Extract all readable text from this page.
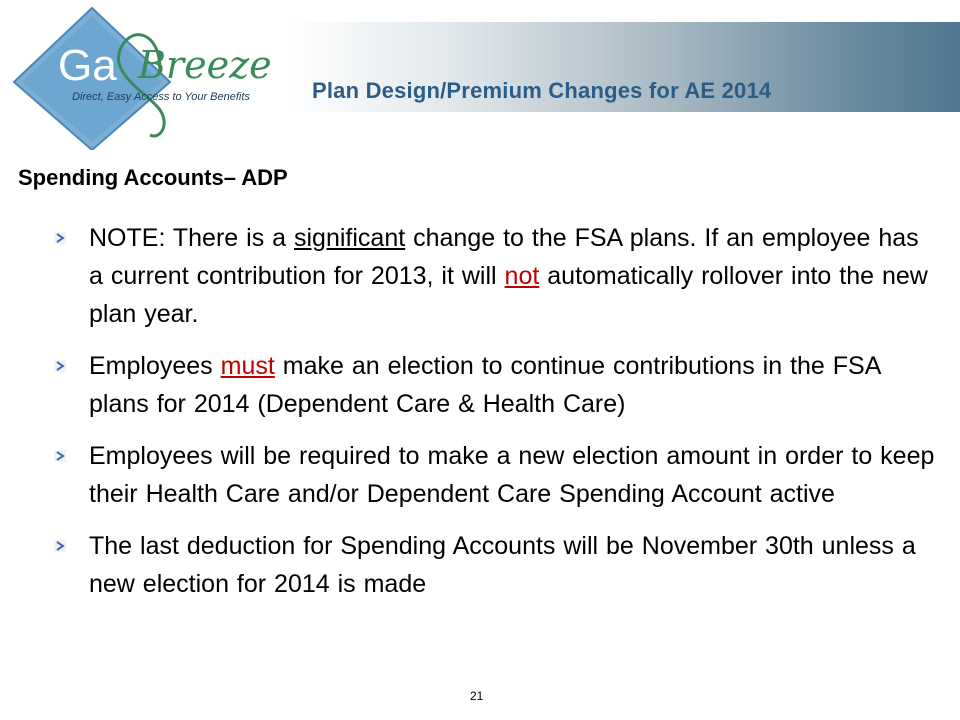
Ga Breeze
Direct, Easy Access to Your Benefits	Plan Design/Premium Changes for AE 2014
Spending Accounts– ADP
NOTE: There is a significant change to the FSA plans. If an employee has a current contribution for 2013, it will not automatically rollover into the new plan year.
Employees must make an election to continue contributions in the FSA plans for 2014 (Dependent Care & Health Care)
Employees will be required to make a new election amount in order to keep their Health Care and/or Dependent Care Spending Account active
The last deduction for Spending Accounts will be November 30th unless a new election for 2014 is made
21
